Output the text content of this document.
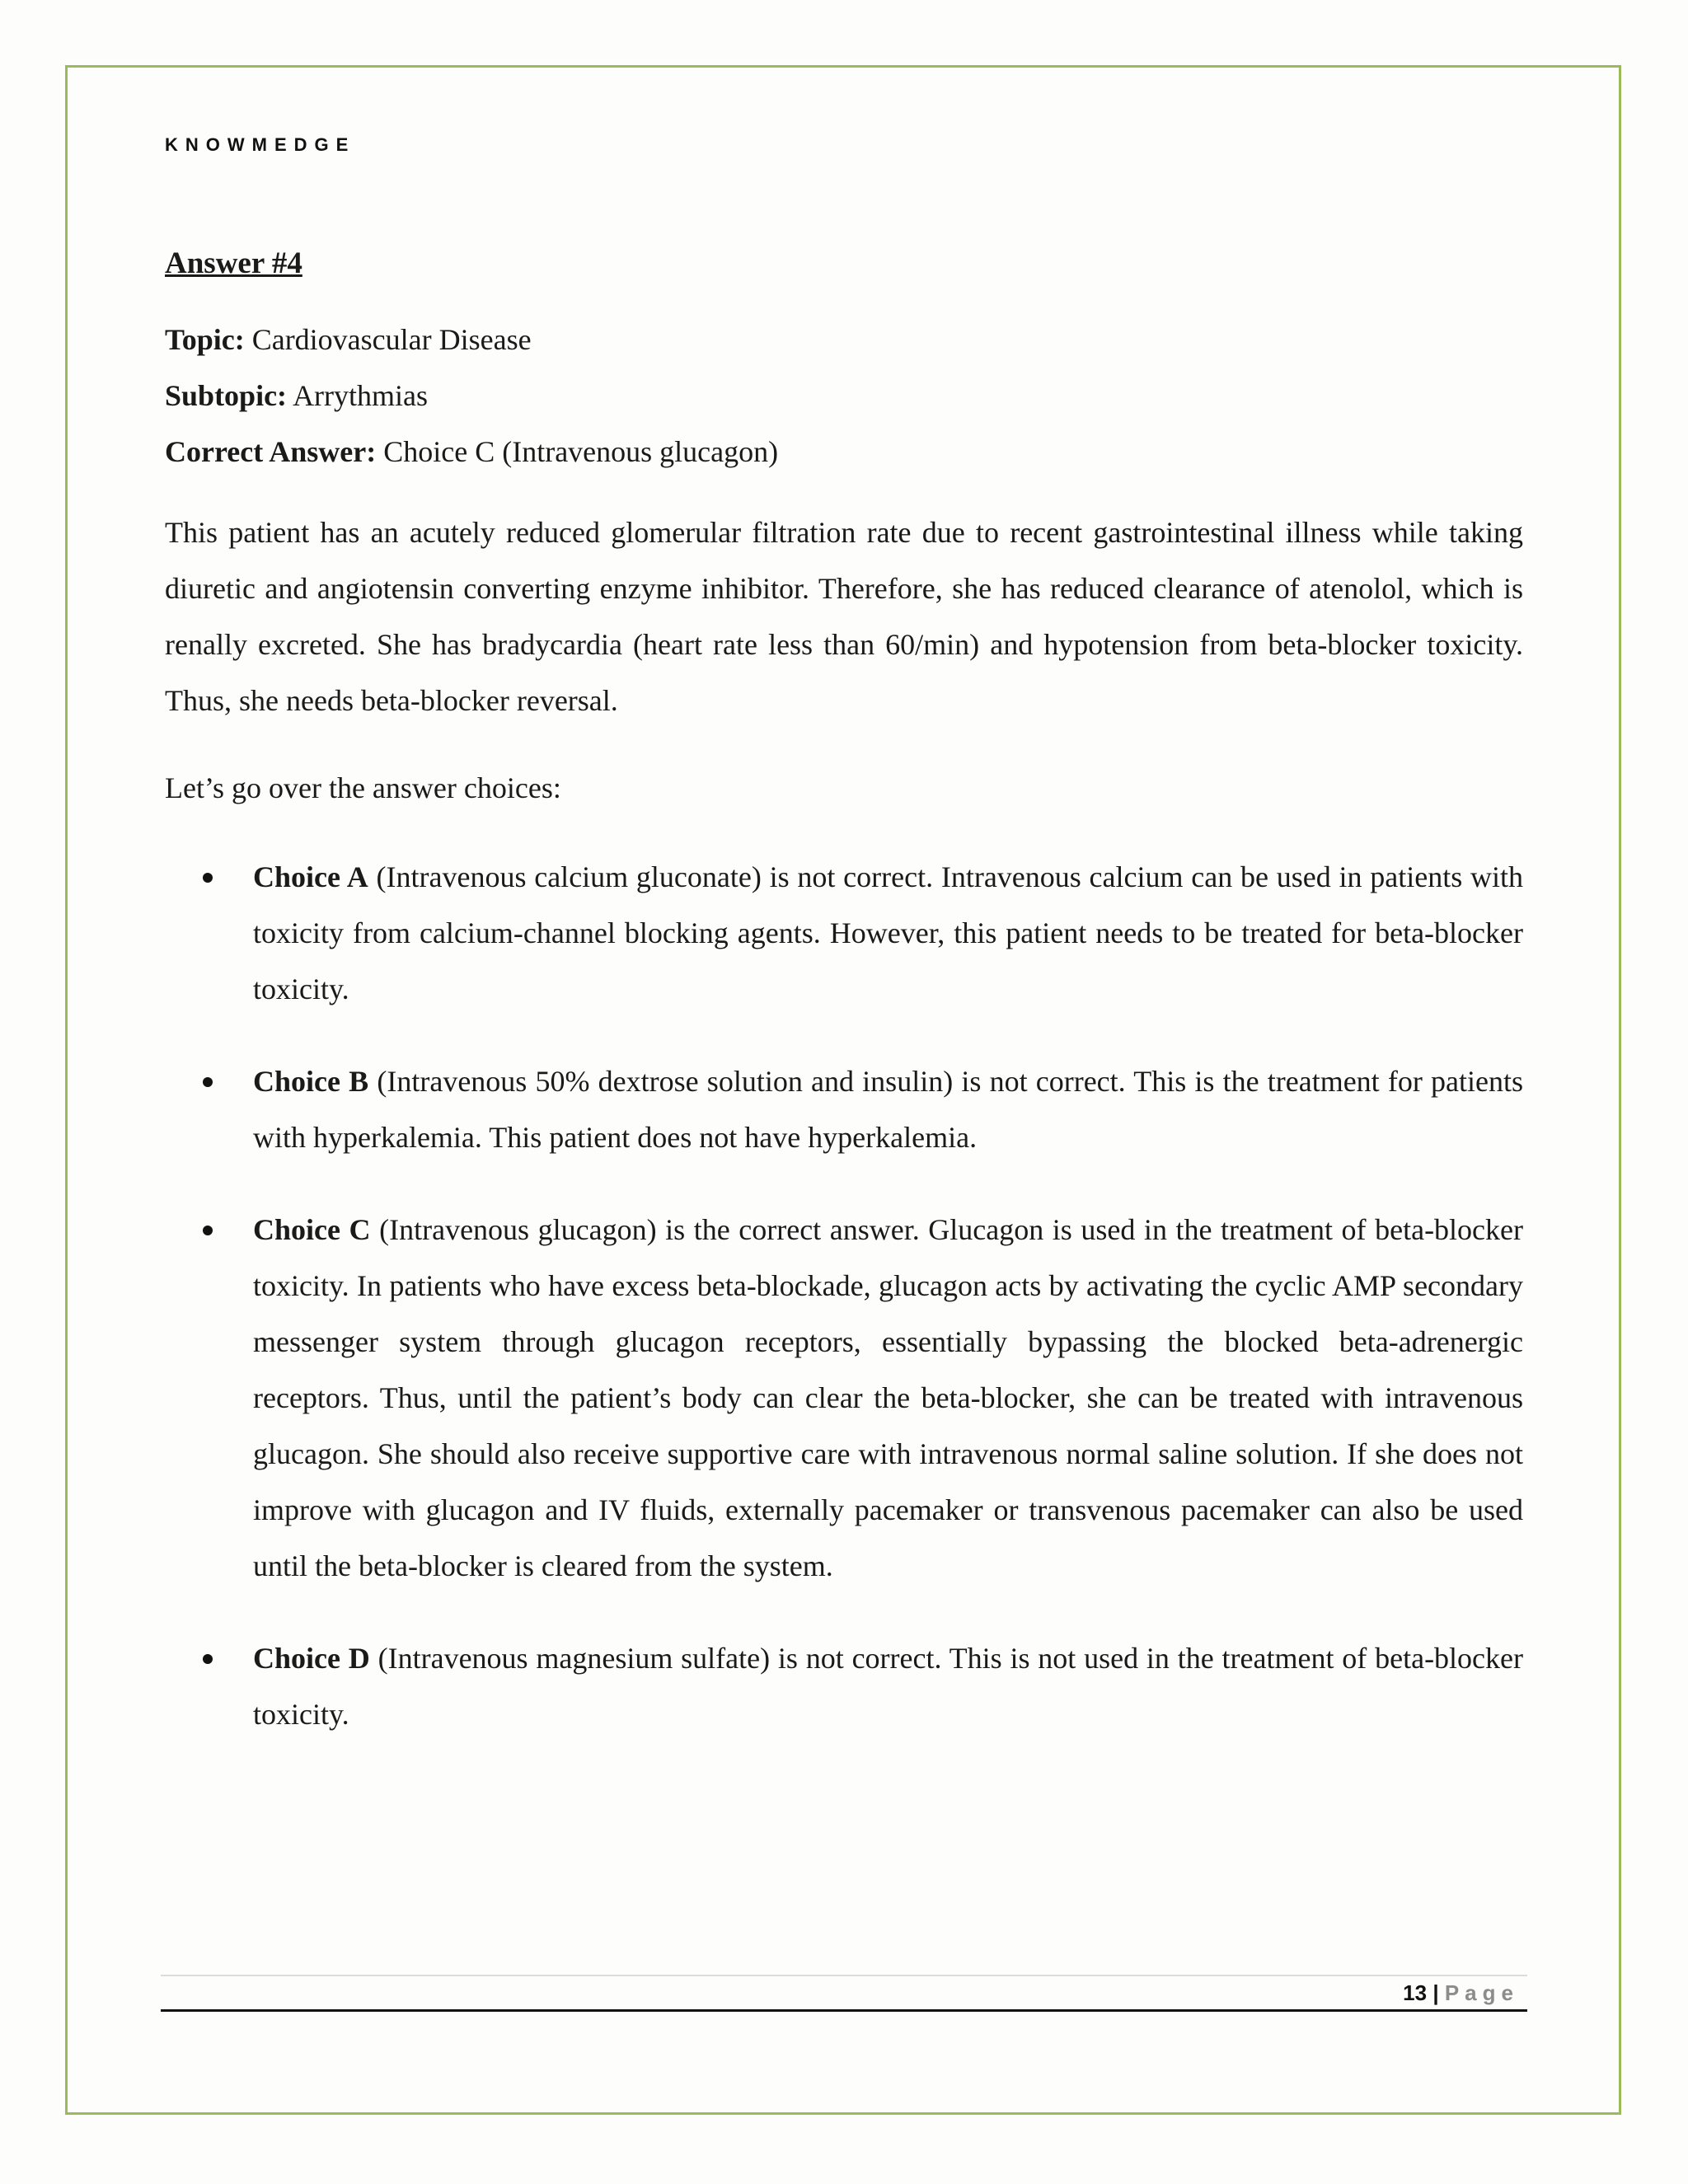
KNOWMEDGE
Answer #4

Topic: Cardiovascular Disease

Subtopic: Arrythmias

Correct Answer: Choice C (Intravenous glucagon)

This patient has an acutely reduced glomerular filtration rate due to recent gastrointestinal illness while taking diuretic and angiotensin converting enzyme inhibitor. Therefore, she has reduced clearance of atenolol, which is renally excreted. She has bradycardia (heart rate less than 60/min) and hypotension from beta-blocker toxicity. Thus, she needs beta-blocker reversal.

Let’s go over the answer choices:

Choice A (Intravenous calcium gluconate) is not correct. Intravenous calcium can be used in patients with toxicity from calcium-channel blocking agents. However, this patient needs to be treated for beta-blocker toxicity.
Choice B (Intravenous 50% dextrose solution and insulin) is not correct. This is the treatment for patients with hyperkalemia. This patient does not have hyperkalemia.
Choice C (Intravenous glucagon) is the correct answer. Glucagon is used in the treatment of beta-blocker toxicity. In patients who have excess beta-blockade, glucagon acts by activating the cyclic AMP secondary messenger system through glucagon receptors, essentially bypassing the blocked beta-adrenergic receptors. Thus, until the patient’s body can clear the beta-blocker, she can be treated with intravenous glucagon. She should also receive supportive care with intravenous normal saline solution. If she does not improve with glucagon and IV fluids, externally pacemaker or transvenous pacemaker can also be used until the beta-blocker is cleared from the system.
Choice D (Intravenous magnesium sulfate) is not correct. This is not used in the treatment of beta-blocker toxicity.
13 | Page
